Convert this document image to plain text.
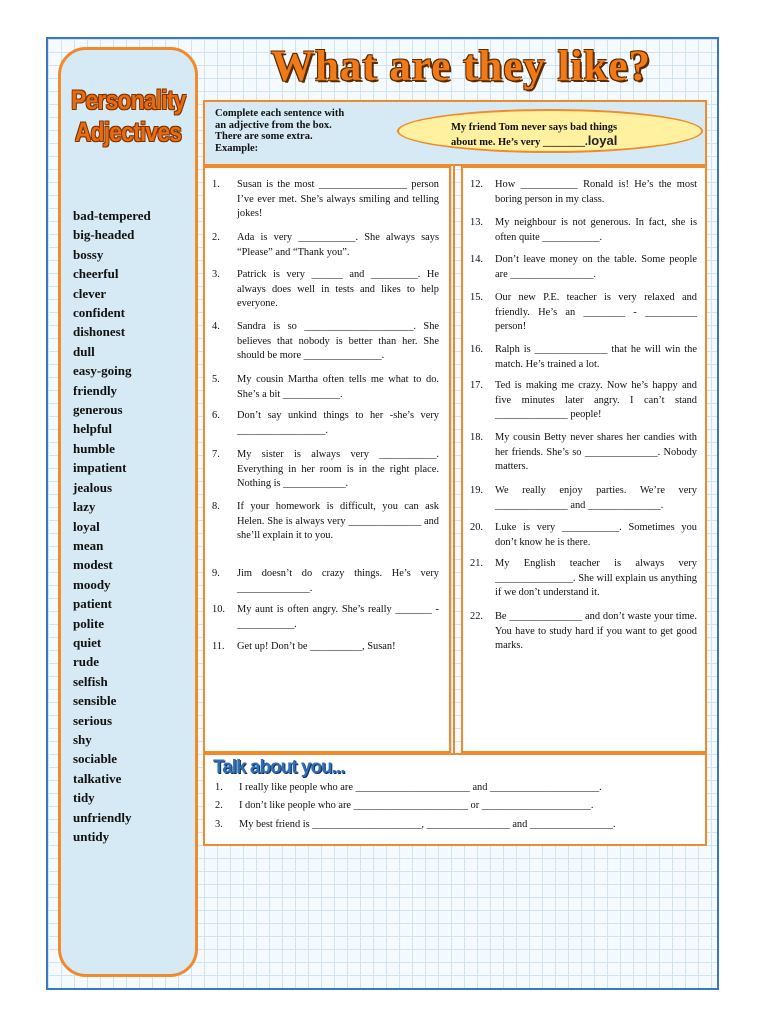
Personality
Adjectives
bad-tempered
big-headed
bossy
cheerful
clever
confident
dishonest
dull
easy-going
friendly
generous
helpful
humble
impatient
jealous
lazy
loyal
mean
modest
moody
patient
polite
quiet
rude
selfish
sensible
serious
shy
sociable
talkative
tidy
unfriendly
untidy
What are they like?
Complete each sentence with
an adjective from the box.
There are some extra.
Example:
My friend Tom never says bad things
about me. He’s very ________.loyal
1. Susan is the most _________________ person I’ve ever met. She’s always smiling and telling jokes!
2. Ada is very ___________. She always says “Please” and “Thank you”.
3. Patrick is very ______ and _________. He always does well in tests and likes to help everyone.
4. Sandra is so _____________________. She believes that nobody is better than her. She should be more _______________.
5. My cousin Martha often tells me what to do. She’s a bit ___________.
6. Don’t say unkind things to her -she’s very _________________.
7. My sister is always very ___________. Everything in her room is in the right place. Nothing is ____________.
8. If your homework is difficult, you can ask Helen. She is always very ______________ and she’ll explain it to you.
9. Jim doesn’t do crazy things. He’s very ______________.
10. My aunt is often angry. She’s really _______ -___________.
11. Get up! Don’t be __________, Susan!
12. How ___________ Ronald is! He’s the most boring person in my class.
13. My neighbour is not generous. In fact, she is often quite ___________.
14. Don’t leave money on the table. Some people are ________________.
15. Our new P.E. teacher is very relaxed and friendly. He’s an ________ - __________ person!
16. Ralph is ______________ that he will win the match. He’s trained a lot.
17. Ted is making me crazy. Now he’s happy and five minutes later angry. I can’t stand ______________ people!
18. My cousin Betty never shares her candies with her friends. She’s so ______________. Nobody matters.
19. We really enjoy parties. We’re very ______________ and ______________.
20. Luke is very ___________. Sometimes you don’t know he is there.
21. My English teacher is always very _______________. She will explain us anything if we don’t understand it.
22. Be ______________ and don’t waste your time. You have to study hard if you want to get good marks.
Talk about you...
1. I really like people who are ______________________ and _____________________.
2. I don’t like people who are ______________________ or _____________________.
3. My best friend is _____________________, ________________ and ________________.
